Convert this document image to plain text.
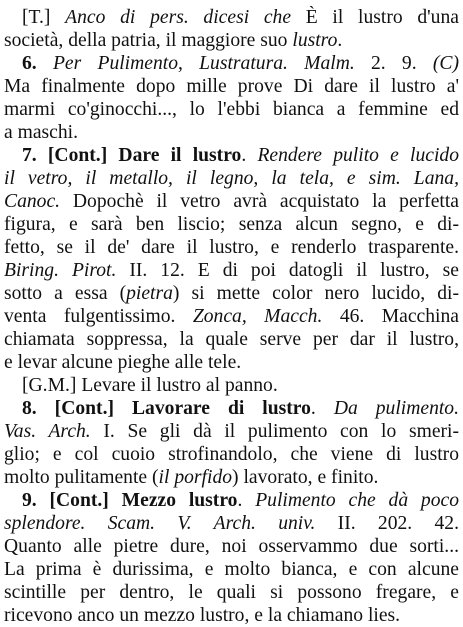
[T.] Anco di pers. dicesi che È il lustro d'una
società, della patria, il maggiore suo lustro.
6. Per Pulimento, Lustratura. Malm. 2. 9. (C)
Ma finalmente dopo mille prove Di dare il lustro a'
marmi co'ginocchi..., lo l'ebbi bianca a femmine ed
a maschi.
7. [Cont.] Dare il lustro. Rendere pulito e lucido
il vetro, il metallo, il legno, la tela, e sim. Lana,
Canoc. Dopochè il vetro avrà acquistato la perfetta
figura, e sarà ben liscio; senza alcun segno, e di-
fetto, se il de' dare il lustro, e renderlo trasparente.
Biring. Pirot. II. 12. E di poi datogli il lustro, se
sotto a essa (pietra) si mette color nero lucido, di-
venta fulgentissimo. Zonca, Macch. 46. Macchina
chiamata soppressa, la quale serve per dar il lustro,
e levar alcune pieghe alle tele.
[G.M.] Levare il lustro al panno.
8. [Cont.] Lavorare di lustro. Da pulimento.
Vas. Arch. I. Se gli dà il pulimento con lo smeri-
glio; e col cuoio strofinandolo, che viene di lustro
molto pulitamente (il porfido) lavorato, e finito.
9. [Cont.] Mezzo lustro. Pulimento che dà poco
splendore. Scam. V. Arch. univ. II. 202. 42.
Quanto alle pietre dure, noi osservammo due sorti...
La prima è durissima, e molto bianca, e con alcune
scintille per dentro, le quali si possono fregare, e
ricevono anco un mezzo lustro, e la chiamano lies.
